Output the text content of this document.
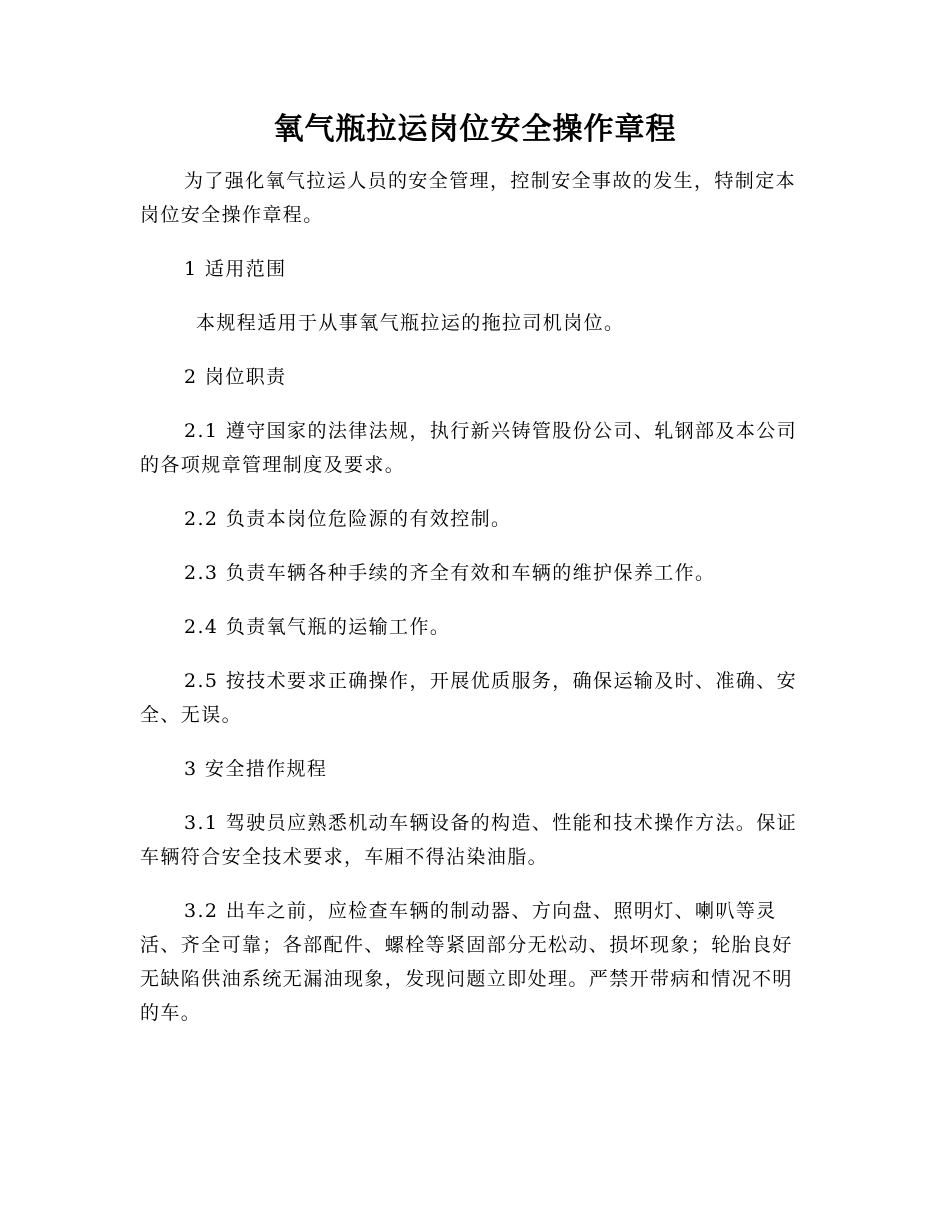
氧气瓶拉运岗位安全操作章程

为了强化氧气拉运人员的安全管理，控制安全事故的发生，特制定本岗位安全操作章程。

1 适用范围

本规程适用于从事氧气瓶拉运的拖拉司机岗位。

2 岗位职责

2.1 遵守国家的法律法规，执行新兴铸管股份公司、轧钢部及本公司的各项规章管理制度及要求。

2.2 负责本岗位危险源的有效控制。

2.3 负责车辆各种手续的齐全有效和车辆的维护保养工作。

2.4 负责氧气瓶的运输工作。

2.5 按技术要求正确操作，开展优质服务，确保运输及时、准确、安全、无误。

3 安全措作规程

3.1 驾驶员应熟悉机动车辆设备的构造、性能和技术操作方法。保证车辆符合安全技术要求，车厢不得沾染油脂。

3.2 出车之前，应检查车辆的制动器、方向盘、照明灯、喇叭等灵活、齐全可靠；各部配件、螺栓等紧固部分无松动、损坏现象；轮胎良好无缺陷供油系统无漏油现象，发现问题立即处理。严禁开带病和情况不明的车。
